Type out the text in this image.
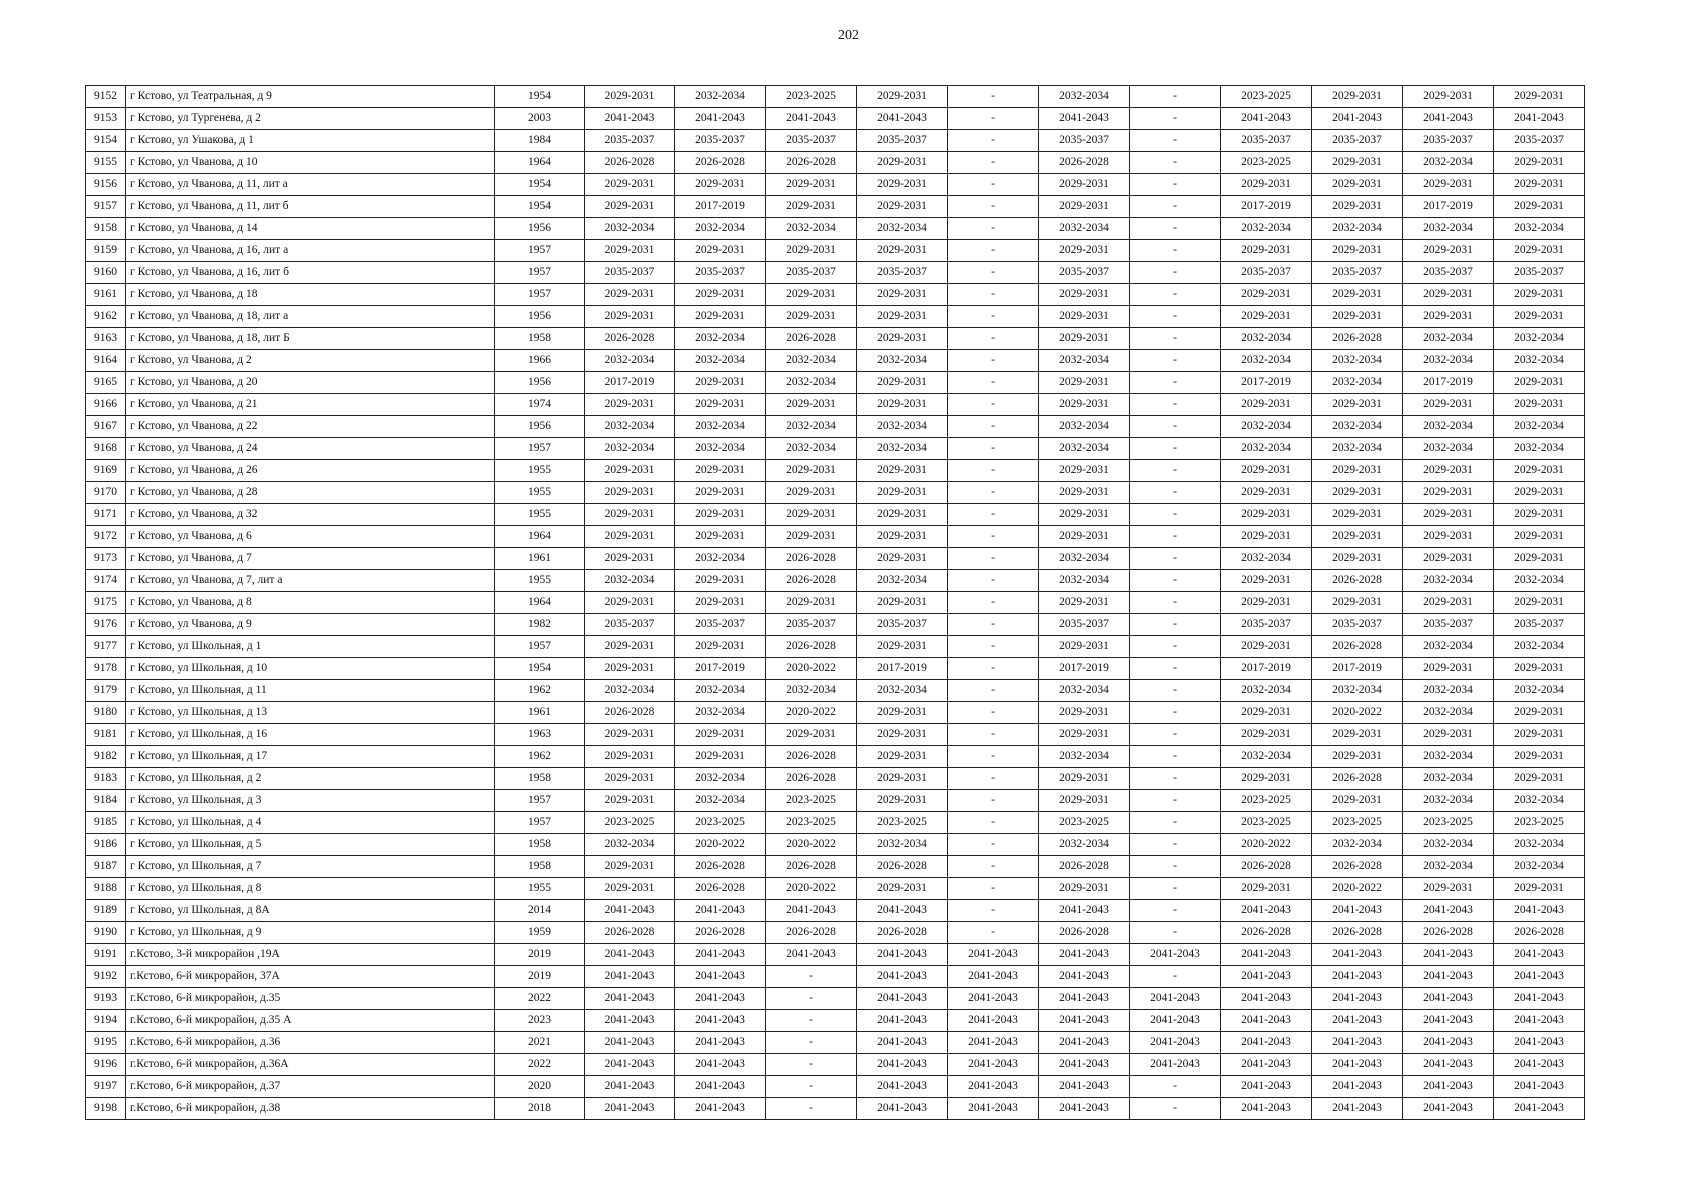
202
9152	г Кстово, ул Театральная, д 9	1954	2029-2031	2032-2034	2023-2025	2029-2031	-	2032-2034	-	2023-2025	2029-2031	2029-2031	2029-2031
9153	г Кстово, ул Тургенева, д 2	2003	2041-2043	2041-2043	2041-2043	2041-2043	-	2041-2043	-	2041-2043	2041-2043	2041-2043	2041-2043
9154	г Кстово, ул Ушакова, д 1	1984	2035-2037	2035-2037	2035-2037	2035-2037	-	2035-2037	-	2035-2037	2035-2037	2035-2037	2035-2037
9155	г Кстово, ул Чванова, д 10	1964	2026-2028	2026-2028	2026-2028	2029-2031	-	2026-2028	-	2023-2025	2029-2031	2032-2034	2029-2031
9156	г Кстово, ул Чванова, д 11, лит а	1954	2029-2031	2029-2031	2029-2031	2029-2031	-	2029-2031	-	2029-2031	2029-2031	2029-2031	2029-2031
9157	г Кстово, ул Чванова, д 11, лит б	1954	2029-2031	2017-2019	2029-2031	2029-2031	-	2029-2031	-	2017-2019	2029-2031	2017-2019	2029-2031
9158	г Кстово, ул Чванова, д 14	1956	2032-2034	2032-2034	2032-2034	2032-2034	-	2032-2034	-	2032-2034	2032-2034	2032-2034	2032-2034
9159	г Кстово, ул Чванова, д 16, лит а	1957	2029-2031	2029-2031	2029-2031	2029-2031	-	2029-2031	-	2029-2031	2029-2031	2029-2031	2029-2031
9160	г Кстово, ул Чванова, д 16, лит б	1957	2035-2037	2035-2037	2035-2037	2035-2037	-	2035-2037	-	2035-2037	2035-2037	2035-2037	2035-2037
9161	г Кстово, ул Чванова, д 18	1957	2029-2031	2029-2031	2029-2031	2029-2031	-	2029-2031	-	2029-2031	2029-2031	2029-2031	2029-2031
9162	г Кстово, ул Чванова, д 18, лит а	1956	2029-2031	2029-2031	2029-2031	2029-2031	-	2029-2031	-	2029-2031	2029-2031	2029-2031	2029-2031
9163	г Кстово, ул Чванова, д 18, лит Б	1958	2026-2028	2032-2034	2026-2028	2029-2031	-	2029-2031	-	2032-2034	2026-2028	2032-2034	2032-2034
9164	г Кстово, ул Чванова, д 2	1966	2032-2034	2032-2034	2032-2034	2032-2034	-	2032-2034	-	2032-2034	2032-2034	2032-2034	2032-2034
9165	г Кстово, ул Чванова, д 20	1956	2017-2019	2029-2031	2032-2034	2029-2031	-	2029-2031	-	2017-2019	2032-2034	2017-2019	2029-2031
9166	г Кстово, ул Чванова, д 21	1974	2029-2031	2029-2031	2029-2031	2029-2031	-	2029-2031	-	2029-2031	2029-2031	2029-2031	2029-2031
9167	г Кстово, ул Чванова, д 22	1956	2032-2034	2032-2034	2032-2034	2032-2034	-	2032-2034	-	2032-2034	2032-2034	2032-2034	2032-2034
9168	г Кстово, ул Чванова, д 24	1957	2032-2034	2032-2034	2032-2034	2032-2034	-	2032-2034	-	2032-2034	2032-2034	2032-2034	2032-2034
9169	г Кстово, ул Чванова, д 26	1955	2029-2031	2029-2031	2029-2031	2029-2031	-	2029-2031	-	2029-2031	2029-2031	2029-2031	2029-2031
9170	г Кстово, ул Чванова, д 28	1955	2029-2031	2029-2031	2029-2031	2029-2031	-	2029-2031	-	2029-2031	2029-2031	2029-2031	2029-2031
9171	г Кстово, ул Чванова, д 32	1955	2029-2031	2029-2031	2029-2031	2029-2031	-	2029-2031	-	2029-2031	2029-2031	2029-2031	2029-2031
9172	г Кстово, ул Чванова, д 6	1964	2029-2031	2029-2031	2029-2031	2029-2031	-	2029-2031	-	2029-2031	2029-2031	2029-2031	2029-2031
9173	г Кстово, ул Чванова, д 7	1961	2029-2031	2032-2034	2026-2028	2029-2031	-	2032-2034	-	2032-2034	2029-2031	2029-2031	2029-2031
9174	г Кстово, ул Чванова, д 7, лит а	1955	2032-2034	2029-2031	2026-2028	2032-2034	-	2032-2034	-	2029-2031	2026-2028	2032-2034	2032-2034
9175	г Кстово, ул Чванова, д 8	1964	2029-2031	2029-2031	2029-2031	2029-2031	-	2029-2031	-	2029-2031	2029-2031	2029-2031	2029-2031
9176	г Кстово, ул Чванова, д 9	1982	2035-2037	2035-2037	2035-2037	2035-2037	-	2035-2037	-	2035-2037	2035-2037	2035-2037	2035-2037
9177	г Кстово, ул Школьная, д 1	1957	2029-2031	2029-2031	2026-2028	2029-2031	-	2029-2031	-	2029-2031	2026-2028	2032-2034	2032-2034
9178	г Кстово, ул Школьная, д 10	1954	2029-2031	2017-2019	2020-2022	2017-2019	-	2017-2019	-	2017-2019	2017-2019	2029-2031	2029-2031
9179	г Кстово, ул Школьная, д 11	1962	2032-2034	2032-2034	2032-2034	2032-2034	-	2032-2034	-	2032-2034	2032-2034	2032-2034	2032-2034
9180	г Кстово, ул Школьная, д 13	1961	2026-2028	2032-2034	2020-2022	2029-2031	-	2029-2031	-	2029-2031	2020-2022	2032-2034	2029-2031
9181	г Кстово, ул Школьная, д 16	1963	2029-2031	2029-2031	2029-2031	2029-2031	-	2029-2031	-	2029-2031	2029-2031	2029-2031	2029-2031
9182	г Кстово, ул Школьная, д 17	1962	2029-2031	2029-2031	2026-2028	2029-2031	-	2032-2034	-	2032-2034	2029-2031	2032-2034	2029-2031
9183	г Кстово, ул Школьная, д 2	1958	2029-2031	2032-2034	2026-2028	2029-2031	-	2029-2031	-	2029-2031	2026-2028	2032-2034	2029-2031
9184	г Кстово, ул Школьная, д 3	1957	2029-2031	2032-2034	2023-2025	2029-2031	-	2029-2031	-	2023-2025	2029-2031	2032-2034	2032-2034
9185	г Кстово, ул Школьная, д 4	1957	2023-2025	2023-2025	2023-2025	2023-2025	-	2023-2025	-	2023-2025	2023-2025	2023-2025	2023-2025
9186	г Кстово, ул Школьная, д 5	1958	2032-2034	2020-2022	2020-2022	2032-2034	-	2032-2034	-	2020-2022	2032-2034	2032-2034	2032-2034
9187	г Кстово, ул Школьная, д 7	1958	2029-2031	2026-2028	2026-2028	2026-2028	-	2026-2028	-	2026-2028	2026-2028	2032-2034	2032-2034
9188	г Кстово, ул Школьная, д 8	1955	2029-2031	2026-2028	2020-2022	2029-2031	-	2029-2031	-	2029-2031	2020-2022	2029-2031	2029-2031
9189	г Кстово, ул Школьная, д 8А	2014	2041-2043	2041-2043	2041-2043	2041-2043	-	2041-2043	-	2041-2043	2041-2043	2041-2043	2041-2043
9190	г Кстово, ул Школьная, д 9	1959	2026-2028	2026-2028	2026-2028	2026-2028	-	2026-2028	-	2026-2028	2026-2028	2026-2028	2026-2028
9191	г.Кстово, 3-й микрорайон ,19А	2019	2041-2043	2041-2043	2041-2043	2041-2043	2041-2043	2041-2043	2041-2043	2041-2043	2041-2043	2041-2043	2041-2043
9192	г.Кстово, 6-й микрорайон, 37А	2019	2041-2043	2041-2043	-	2041-2043	2041-2043	2041-2043	-	2041-2043	2041-2043	2041-2043	2041-2043
9193	г.Кстово, 6-й микрорайон, д.35	2022	2041-2043	2041-2043	-	2041-2043	2041-2043	2041-2043	2041-2043	2041-2043	2041-2043	2041-2043	2041-2043
9194	г.Кстово, 6-й микрорайон, д.35 А	2023	2041-2043	2041-2043	-	2041-2043	2041-2043	2041-2043	2041-2043	2041-2043	2041-2043	2041-2043	2041-2043
9195	г.Кстово, 6-й микрорайон, д.36	2021	2041-2043	2041-2043	-	2041-2043	2041-2043	2041-2043	2041-2043	2041-2043	2041-2043	2041-2043	2041-2043
9196	г.Кстово, 6-й микрорайон, д.36А	2022	2041-2043	2041-2043	-	2041-2043	2041-2043	2041-2043	2041-2043	2041-2043	2041-2043	2041-2043	2041-2043
9197	г.Кстово, 6-й микрорайон, д.37	2020	2041-2043	2041-2043	-	2041-2043	2041-2043	2041-2043	-	2041-2043	2041-2043	2041-2043	2041-2043
9198	г.Кстово, 6-й микрорайон, д.38	2018	2041-2043	2041-2043	-	2041-2043	2041-2043	2041-2043	-	2041-2043	2041-2043	2041-2043	2041-2043
